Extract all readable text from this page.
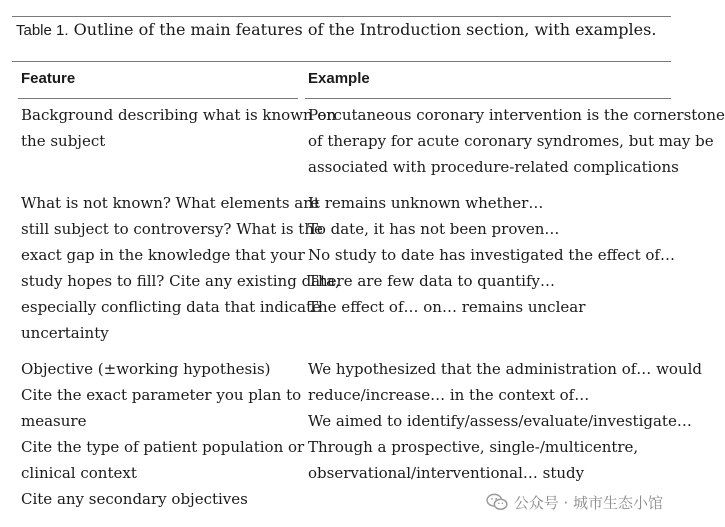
Table 1. Outline of the main features of the Introduction section, with examples.
Feature	Example
Background describing what is known on
the subject
Percutaneous coronary intervention is the cornerstone
of therapy for acute coronary syndromes, but may be
associated with procedure-related complications
What is not known? What elements are
still subject to controversy? What is the
exact gap in the knowledge that your
study hopes to fill? Cite any existing data,
especially conflicting data that indicate
uncertainty
It remains unknown whether…
To date, it has not been proven…
No study to date has investigated the effect of…
There are few data to quantify…
The effect of… on… remains unclear
Objective (±working hypothesis)
Cite the exact parameter you plan to
measure
Cite the type of patient population or
clinical context
Cite any secondary objectives
We hypothesized that the administration of… would
reduce/increase… in the context of…
We aimed to identify/assess/evaluate/investigate…
Through a prospective, single-/multicentre,
observational/interventional… study
公众号 · 城市生态小馆
